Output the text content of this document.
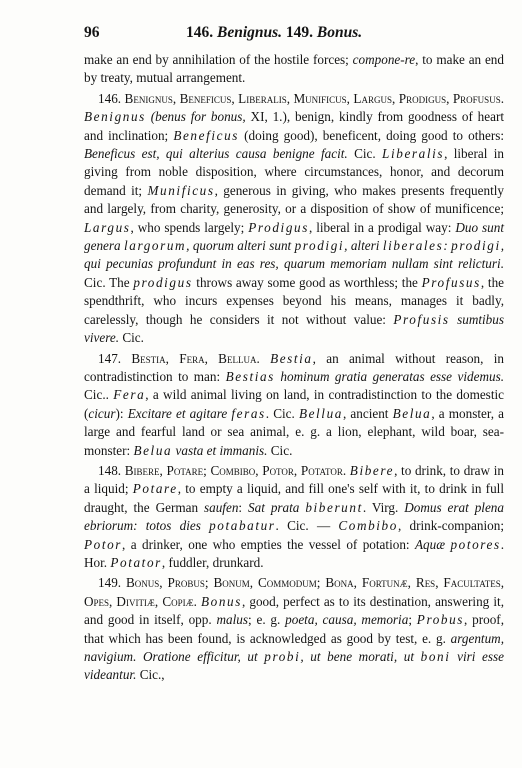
96	146. Benignus. 149. Bonus.

make an end by annihilation of the hostile forces; compone-re, to make an end by treaty, mutual arrangement.

146. Benignus, Beneficus, Liberalis, Munificus, Largus, Prodigus, Profusus. Benignus (benus for bonus, XI, 1.), benign, kindly from goodness of heart and inclination; Beneficus (doing good), beneficent, doing good to others: Beneficus est, qui alterius causa benigne facit. Cic. Liberalis, liberal in giving from noble disposition, where circumstances, honor, and decorum demand it; Munificus, generous in giving, who makes presents frequently and largely, from charity, generosity, or a disposition of show of munificence; Largus, who spends largely; Prodigus, liberal in a prodigal way: Duo sunt genera largorum, quorum alteri sunt prodigi, alteri liberales: prodigi, qui pecunias profundunt in eas res, quarum memoriam nullam sint relicturi. Cic. The prodigus throws away some good as worthless; the Profusus, the spendthrift, who incurs expenses beyond his means, manages it badly, carelessly, though he considers it not without value: Profusis sumtibus vivere. Cic.

147. Bestia, Fera, Bellua. Bestia, an animal without reason, in contradistinction to man: Bestias hominum gratia generatas esse videmus. Cic.. Fera, a wild animal living on land, in contradistinction to the domestic (cicur): Excitare et agitare feras. Cic. Bellua, ancient Belua, a monster, a large and fearful land or sea animal, e. g. a lion, elephant, wild boar, sea-monster: Belua vasta et immanis. Cic.

148. Bibere, Potare; Combibo, Potor, Potator. Bibere, to drink, to draw in a liquid; Potare, to empty a liquid, and fill one's self with it, to drink in full draught, the German saufen: Sat prata biberunt. Virg. Domus erat plena ebriorum: totos dies potabatur. Cic. — Combibo, drink-companion; Potor, a drinker, one who empties the vessel of potation: Aquæ potores. Hor. Potator, fuddler, drunkard.

149. Bonus, Probus; Bonum, Commodum; Bona, Fortunæ, Res, Facultates, Opes, Divitiæ, Copiæ. Bonus, good, perfect as to its destination, answering it, and good in itself, opp. malus; e. g. poeta, causa, memoria; Probus, proof, that which has been found, is acknowledged as good by test, e. g. argentum, navigium. Oratione efficitur, ut probi, ut bene morati, ut boni viri esse videantur. Cic.,
